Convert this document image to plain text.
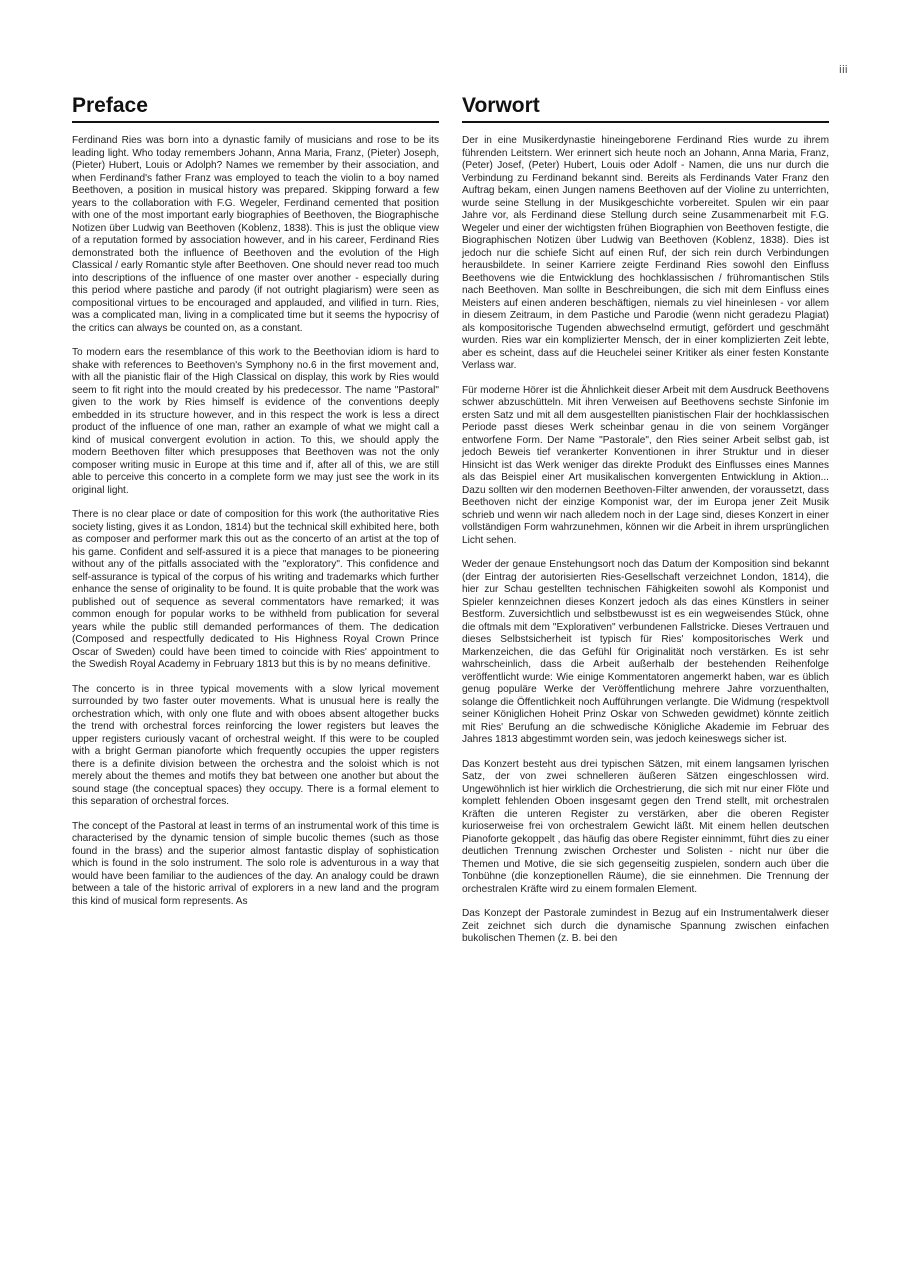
iii
Preface

Ferdinand Ries was born into a dynastic family of musicians and rose to be its leading light. Who today remembers Johann, Anna Maria, Franz, (Pieter) Joseph, (Pieter) Hubert, Louis or Adolph? Names we remember by their association, and when Ferdinand's father Franz was employed to teach the violin to a boy named Beethoven, a position in musical history was prepared. Skipping forward a few years to the collaboration with F.G. Wegeler, Ferdinand cemented that position with one of the most important early biographies of Beethoven, the Biographische Notizen über Ludwig van Beethoven (Koblenz, 1838). This is just the oblique view of a reputation formed by association however, and in his career, Ferdinand Ries demonstrated both the influence of Beethoven and the evolution of the High Classical / early Romantic style after Beethoven. One should never read too much into descriptions of the influence of one master over another - especially during this period where pastiche and parody (if not outright plagiarism) were seen as compositional virtues to be encouraged and applauded, and vilified in turn. Ries, was a complicated man, living in a complicated time but it seems the hypocrisy of the critics can always be counted on, as a constant.

To modern ears the resemblance of this work to the Beethovian idiom is hard to shake with references to Beethoven's Symphony no.6 in the first movement and, with all the pianistic flair of the High Classical on display, this work by Ries would seem to fit right into the mould created by his predecessor. The name "Pastoral" given to the work by Ries himself is evidence of the conventions deeply embedded in its structure however, and in this respect the work is less a direct product of the influence of one man, rather an example of what we might call a kind of musical convergent evolution in action. To this, we should apply the modern Beethoven filter which presupposes that Beethoven was not the only composer writing music in Europe at this time and if, after all of this, we are still able to perceive this concerto in a complete form we may just see the work in its original light.

There is no clear place or date of composition for this work (the authoritative Ries society listing, gives it as London, 1814) but the technical skill exhibited here, both as composer and performer mark this out as the concerto of an artist at the top of his game. Confident and self-assured it is a piece that manages to be pioneering without any of the pitfalls associated with the "exploratory". This confidence and self-assurance is typical of the corpus of his writing and trademarks which further enhance the sense of originality to be found. It is quite probable that the work was published out of sequence as several commentators have remarked; it was common enough for popular works to be withheld from publication for several years while the public still demanded performances of them. The dedication (Composed and respectfully dedicated to His Highness Royal Crown Prince Oscar of Sweden) could have been timed to coincide with Ries' appointment to the Swedish Royal Academy in February 1813 but this is by no means definitive.

The concerto is in three typical movements with a slow lyrical movement surrounded by two faster outer movements. What is unusual here is really the orchestration which, with only one flute and with oboes absent altogether bucks the trend with orchestral forces reinforcing the lower registers but leaves the upper registers curiously vacant of orchestral weight. If this were to be coupled with a bright German pianoforte which frequently occupies the upper registers there is a definite division between the orchestra and the soloist which is not merely about the themes and motifs they bat between one another but about the sound stage (the conceptual spaces) they occupy. There is a formal element to this separation of orchestral forces.

The concept of the Pastoral at least in terms of an instrumental work of this time is characterised by the dynamic tension of simple bucolic themes (such as those found in the brass) and the superior almost fantastic display of sophistication which is found in the solo instrument. The solo role is adventurous in a way that would have been familiar to the audiences of the day. An analogy could be drawn between a tale of the historic arrival of explorers in a new land and the program this kind of musical form represents. As

Vorwort

Der in eine Musikerdynastie hineingeborene Ferdinand Ries wurde zu ihrem führenden Leitstern. Wer erinnert sich heute noch an Johann, Anna Maria, Franz, (Peter) Josef, (Peter) Hubert, Louis oder Adolf - Namen, die uns nur durch die Verbindung zu Ferdinand bekannt sind. Bereits als Ferdinands Vater Franz den Auftrag bekam, einen Jungen namens Beethoven auf der Violine zu unterrichten, wurde seine Stellung in der Musikgeschichte vorbereitet. Spulen wir ein paar Jahre vor, als Ferdinand diese Stellung durch seine Zusammenarbeit mit F.G. Wegeler und einer der wichtigsten frühen Biographien von Beethoven festigte, die Biographischen Notizen über Ludwig van Beethoven (Koblenz, 1838). Dies ist jedoch nur die schiefe Sicht auf einen Ruf, der sich rein durch Verbindungen herausbildete. In seiner Karriere zeigte Ferdinand Ries sowohl den Einfluss Beethovens wie die Entwicklung des hochklassischen / frühromantischen Stils nach Beethoven. Man sollte in Beschreibungen, die sich mit dem Einfluss eines Meisters auf einen anderen beschäftigen, niemals zu viel hineinlesen - vor allem in diesem Zeitraum, in dem Pastiche und Parodie (wenn nicht geradezu Plagiat) als kompositorische Tugenden abwechselnd ermutigt, gefördert und geschmäht wurden. Ries war ein komplizierter Mensch, der in einer komplizierten Zeit lebte, aber es scheint, dass auf die Heuchelei seiner Kritiker als einer festen Konstante Verlass war.

Für moderne Hörer ist die Ähnlichkeit dieser Arbeit mit dem Ausdruck Beethovens schwer abzuschütteln. Mit ihren Verweisen auf Beethovens sechste Sinfonie im ersten Satz und mit all dem ausgestellten pianistischen Flair der hochklassischen Periode passt dieses Werk scheinbar genau in die von seinem Vorgänger entworfene Form. Der Name "Pastorale", den Ries seiner Arbeit selbst gab, ist jedoch Beweis tief verankerter Konventionen in ihrer Struktur und in dieser Hinsicht ist das Werk weniger das direkte Produkt des Einflusses eines Mannes als das Beispiel einer Art musikalischen konvergenten Entwicklung in Aktion... Dazu sollten wir den modernen Beethoven-Filter anwenden, der voraussetzt, dass Beethoven nicht der einzige Komponist war, der im Europa jener Zeit Musik schrieb und wenn wir nach alledem noch in der Lage sind, dieses Konzert in einer vollständigen Form wahrzunehmen, können wir die Arbeit in ihrem ursprünglichen Licht sehen.

Weder der genaue Enstehungsort noch das Datum der Komposition sind bekannt (der Eintrag der autorisierten Ries-Gesellschaft verzeichnet London, 1814), die hier zur Schau gestellten technischen Fähigkeiten sowohl als Komponist und Spieler kennzeichnen dieses Konzert jedoch als das eines Künstlers in seiner Bestform. Zuversichtlich und selbstbewusst ist es ein wegweisendes Stück, ohne die oftmals mit dem "Explorativen" verbundenen Fallstricke. Dieses Vertrauen und dieses Selbstsicherheit ist typisch für Ries' kompositorisches Werk und Markenzeichen, die das Gefühl für Originalität noch verstärken. Es ist sehr wahrscheinlich, dass die Arbeit außerhalb der bestehenden Reihenfolge veröffentlicht wurde: Wie einige Kommentatoren angemerkt haben, war es üblich genug populäre Werke der Veröffentlichung mehrere Jahre vorzuenthalten, solange die Öffentlichkeit noch Aufführungen verlangte. Die Widmung (respektvoll seiner Königlichen Hoheit Prinz Oskar von Schweden gewidmet) könnte zeitlich mit Ries' Berufung an die schwedische Königliche Akademie im Februar des Jahres 1813 abgestimmt worden sein, was jedoch keineswegs sicher ist.

Das Konzert besteht aus drei typischen Sätzen, mit einem langsamen lyrischen Satz, der von zwei schnelleren äußeren Sätzen eingeschlossen wird. Ungewöhnlich ist hier wirklich die Orchestrierung, die sich mit nur einer Flöte und komplett fehlenden Oboen insgesamt gegen den Trend stellt, mit orchestralen Kräften die unteren Register zu verstärken, aber die oberen Register kurioserweise frei von orchestralem Gewicht läßt. Mit einem hellen deutschen Pianoforte gekoppelt , das häufig das obere Register einnimmt, führt dies zu einer deutlichen Trennung zwischen Orchester und Solisten - nicht nur über die Themen und Motive, die sie sich gegenseitig zuspielen, sondern auch über die Tonbühne (die konzeptionellen Räume), die sie einnehmen. Die Trennung der orchestralen Kräfte wird zu einem formalen Element.

Das Konzept der Pastorale zumindest in Bezug auf ein Instrumentalwerk dieser Zeit zeichnet sich durch die dynamische Spannung zwischen einfachen bukolischen Themen (z. B. bei den
